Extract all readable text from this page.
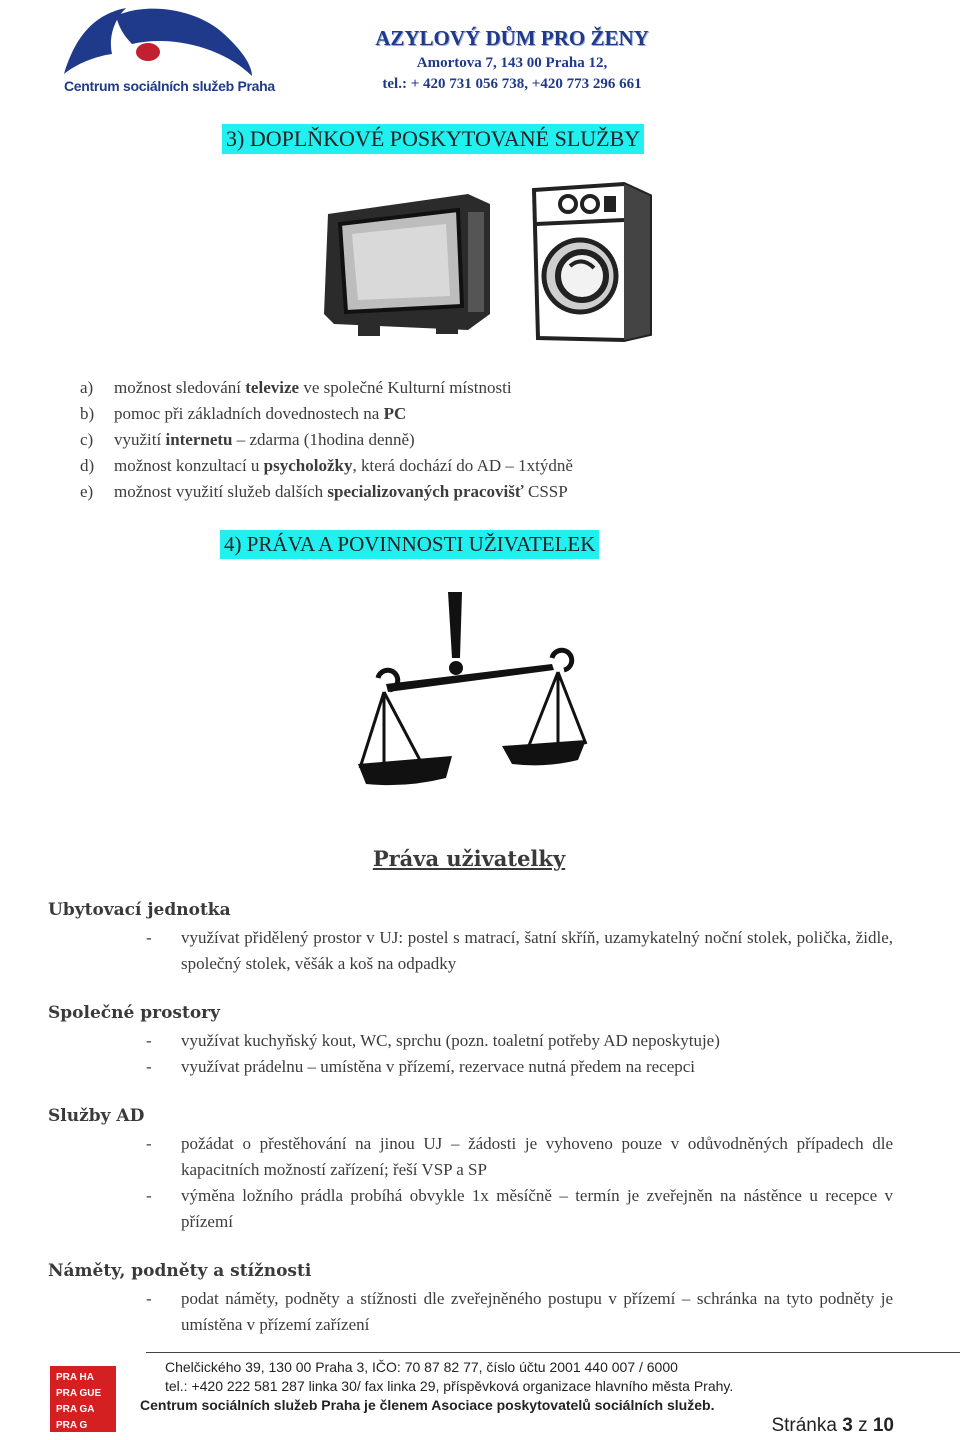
Centrum sociálních služeb Praha
AZYLOVÝ DŮM PRO ŽENY
Amortova 7, 143 00 Praha 12,
tel.: + 420 731 056 738, +420 773 296 661
3) DOPLŇKOVÉ POSKYTOVANÉ SLUŽBY
a) možnost sledování televize ve společné Kulturní místnosti
b) pomoc při základních dovednostech na PC
c) využití internetu – zdarma (1hodina denně)
d) možnost konzultací u psycholožky, která dochází do AD – 1xtýdně
e) možnost využití služeb dalších specializovaných pracovišť CSSP
4) PRÁVA A POVINNOSTI UŽIVATELEK
Práva uživatelky
Ubytovací jednotka
- využívat přidělený prostor v UJ: postel s matrací, šatní skříň, uzamykatelný noční stolek, polička, židle, společný stolek, věšák a koš na odpadky
Společné prostory
- využívat kuchyňský kout, WC, sprchu (pozn. toaletní potřeby AD neposkytuje)
- využívat prádelnu – umístěna v přízemí, rezervace nutná předem na recepci
Služby AD
- požádat o přestěhování na jinou UJ – žádosti je vyhoveno pouze v odůvodněných případech dle kapacitních možností zařízení; řeší VSP a SP
- výměna ložního prádla probíhá obvykle 1x měsíčně – termín je zveřejněn na nástěnce u recepce v přízemí
Náměty, podněty a stížnosti
- podat náměty, podněty a stížnosti dle zveřejněného postupu v přízemí – schránka na tyto podněty je umístěna v přízemí zařízení
PRA HA
PRA GUE
PRA GA
PRA G
Chelčického 39, 130 00 Praha 3, IČO: 70 87 82 77, číslo účtu 2001 440 007 / 6000
tel.: +420 222 581 287 linka 30/ fax linka 29, příspěvková organizace hlavního města Prahy.
Centrum sociálních služeb Praha je členem Asociace poskytovatelů sociálních služeb.
Stránka 3 z 10
